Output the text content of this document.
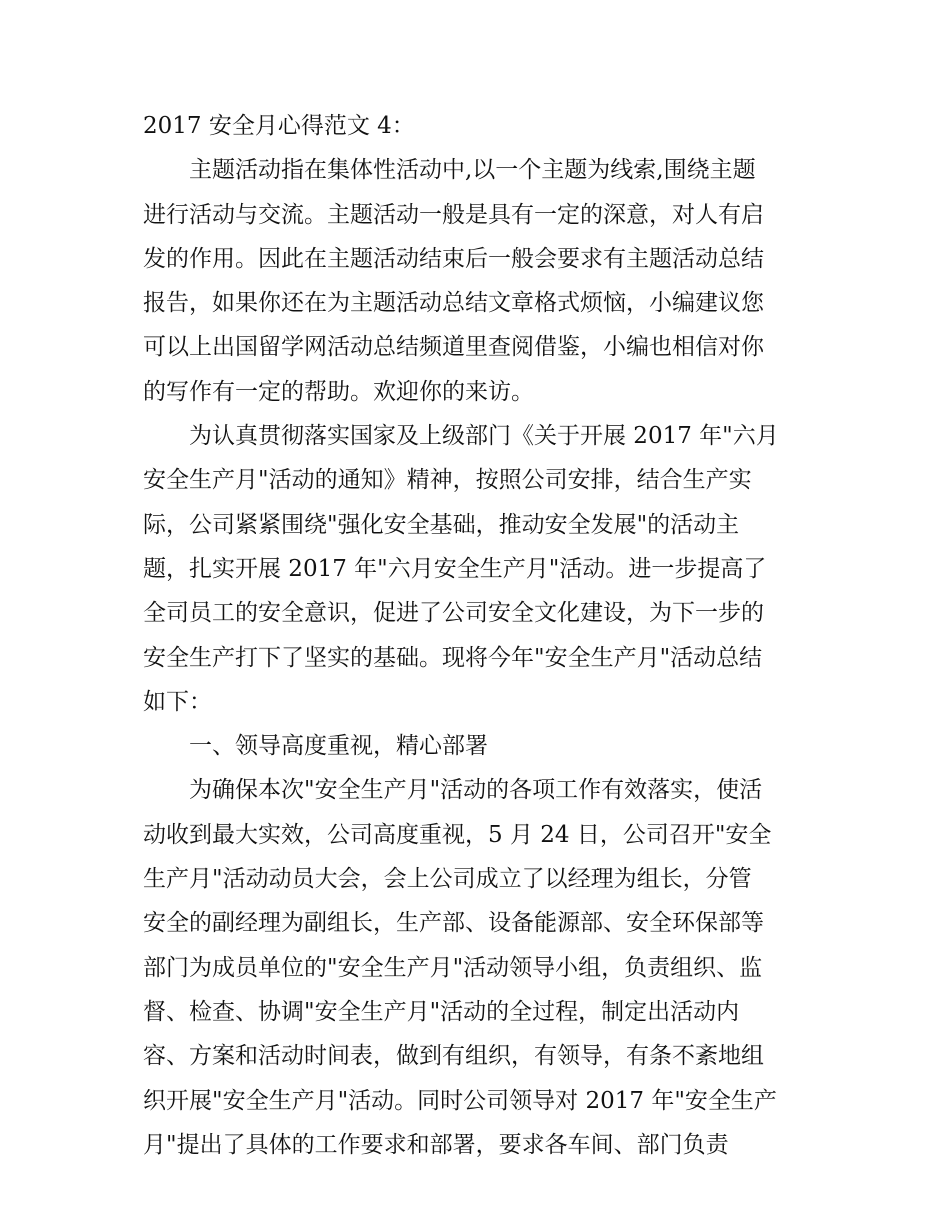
2017 安全月心得范文 4：
主题活动指在集体性活动中,以一个主题为线索,围绕主题
进行活动与交流。主题活动一般是具有一定的深意，对人有启
发的作用。因此在主题活动结束后一般会要求有主题活动总结
报告，如果你还在为主题活动总结文章格式烦恼，小编建议您
可以上出国留学网活动总结频道里查阅借鉴，小编也相信对你
的写作有一定的帮助。欢迎你的来访。
为认真贯彻落实国家及上级部门《关于开展 2017 年"六月
安全生产月"活动的通知》精神，按照公司安排，结合生产实
际，公司紧紧围绕"强化安全基础，推动安全发展"的活动主
题，扎实开展 2017 年"六月安全生产月"活动。进一步提高了
全司员工的安全意识，促进了公司安全文化建设，为下一步的
安全生产打下了坚实的基础。现将今年"安全生产月"活动总结
如下：
一、领导高度重视，精心部署
为确保本次"安全生产月"活动的各项工作有效落实，使活
动收到最大实效，公司高度重视，5 月 24 日，公司召开"安全
生产月"活动动员大会，会上公司成立了以经理为组长，分管
安全的副经理为副组长，生产部、设备能源部、安全环保部等
部门为成员单位的"安全生产月"活动领导小组，负责组织、监
督、检查、协调"安全生产月"活动的全过程，制定出活动内
容、方案和活动时间表，做到有组织，有领导，有条不紊地组
织开展"安全生产月"活动。同时公司领导对 2017 年"安全生产
月"提出了具体的工作要求和部署，要求各车间、部门负责
